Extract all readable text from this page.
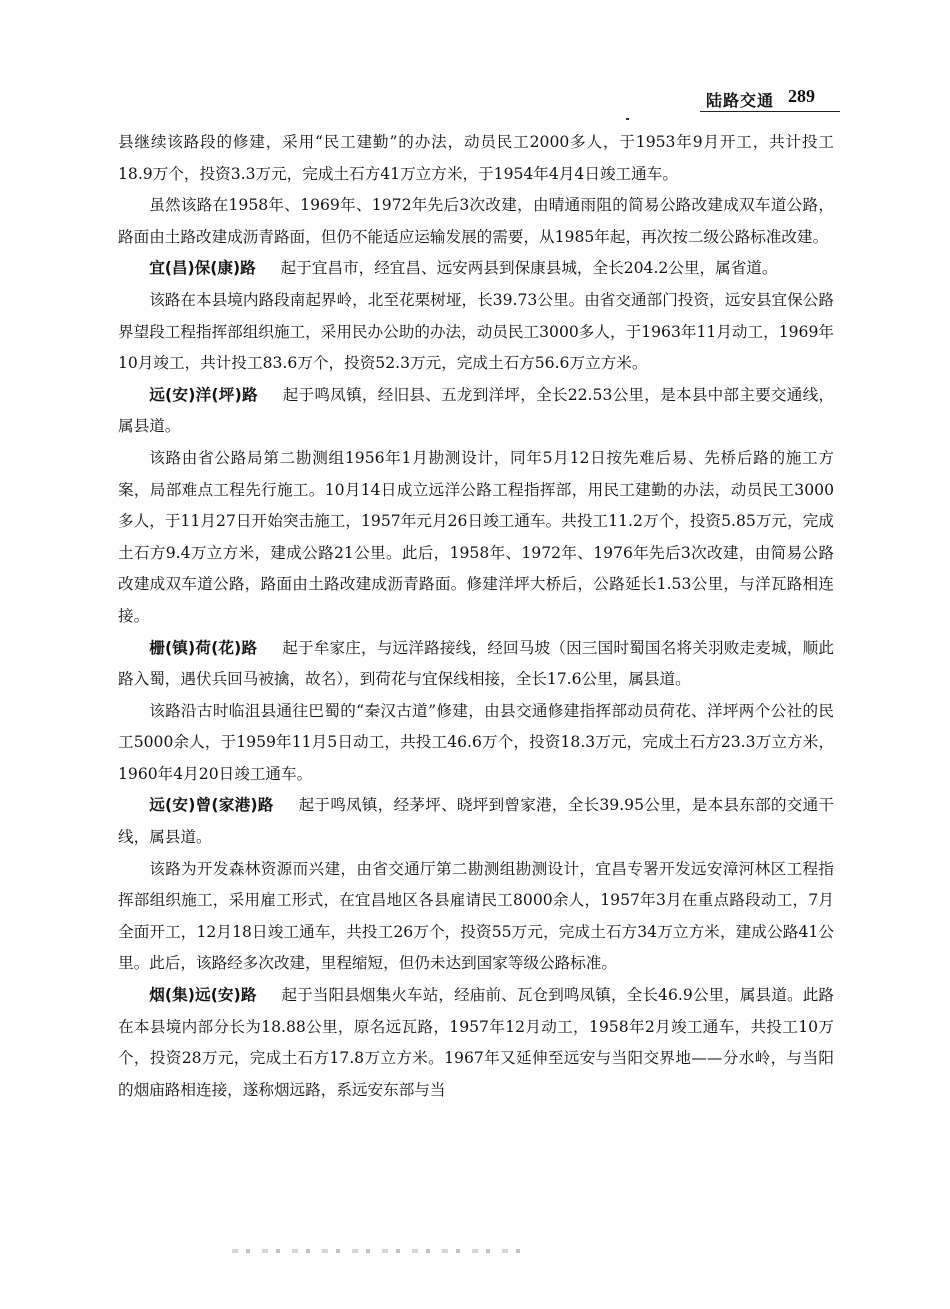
陆路交通 289

县继续该路段的修建，采用“民工建勤”的办法，动员民工2000多人，于1953年9月开工，共计投工18.9万个，投资3.3万元，完成土石方41万立方米，于1954年4月4日竣工通车。

虽然该路在1958年、1969年、1972年先后3次改建，由晴通雨阻的简易公路改建成双车道公路，路面由土路改建成沥青路面，但仍不能适应运输发展的需要，从1985年起，再次按二级公路标准改建。

宜(昌)保(康)路 起于宜昌市，经宜昌、远安两县到保康县城，全长204.2公里，属省道。

该路在本县境内路段南起界岭，北至花栗树垭，长39.73公里。由省交通部门投资，远安县宜保公路界望段工程指挥部组织施工，采用民办公助的办法，动员民工3000多人，于1963年11月动工，1969年10月竣工，共计投工83.6万个，投资52.3万元，完成土石方56.6万立方米。

远(安)洋(坪)路 起于鸣凤镇，经旧县、五龙到洋坪，全长22.53公里，是本县中部主要交通线，属县道。

该路由省公路局第二勘测组1956年1月勘测设计，同年5月12日按先难后易、先桥后路的施工方案，局部难点工程先行施工。10月14日成立远洋公路工程指挥部，用民工建勤的办法，动员民工3000多人，于11月27日开始突击施工，1957年元月26日竣工通车。共投工11.2万个，投资5.85万元，完成土石方9.4万立方米，建成公路21公里。此后，1958年、1972年、1976年先后3次改建，由简易公路改建成双车道公路，路面由土路改建成沥青路面。修建洋坪大桥后，公路延长1.53公里，与洋瓦路相连接。

栅(镇)荷(花)路 起于牟家庄，与远洋路接线，经回马坡（因三国时蜀国名将关羽败走麦城，顺此路入蜀，遇伏兵回马被擒，故名），到荷花与宜保线相接，全长17.6公里，属县道。

该路沿古时临沮县通往巴蜀的“秦汉古道”修建，由县交通修建指挥部动员荷花、洋坪两个公社的民工5000余人，于1959年11月5日动工，共投工46.6万个，投资18.3万元，完成土石方23.3万立方米，1960年4月20日竣工通车。

远(安)曾(家港)路 起于鸣凤镇，经茅坪、晓坪到曾家港，全长39.95公里，是本县东部的交通干线，属县道。

该路为开发森林资源而兴建，由省交通厅第二勘测组勘测设计，宜昌专署开发远安漳河林区工程指挥部组织施工，采用雇工形式，在宜昌地区各县雇请民工8000余人，1957年3月在重点路段动工，7月全面开工，12月18日竣工通车，共投工26万个，投资55万元，完成土石方34万立方米，建成公路41公里。此后，该路经多次改建，里程缩短，但仍未达到国家等级公路标准。

烟(集)远(安)路 起于当阳县烟集火车站，经庙前、瓦仓到鸣凤镇，全长46.9公里，属县道。此路在本县境内部分长为18.88公里，原名远瓦路，1957年12月动工，1958年2月竣工通车，共投工10万个，投资28万元，完成土石方17.8万立方米。1967年又延伸至远安与当阳交界地——分水岭，与当阳的烟庙路相连接，遂称烟远路，系远安东部与当
